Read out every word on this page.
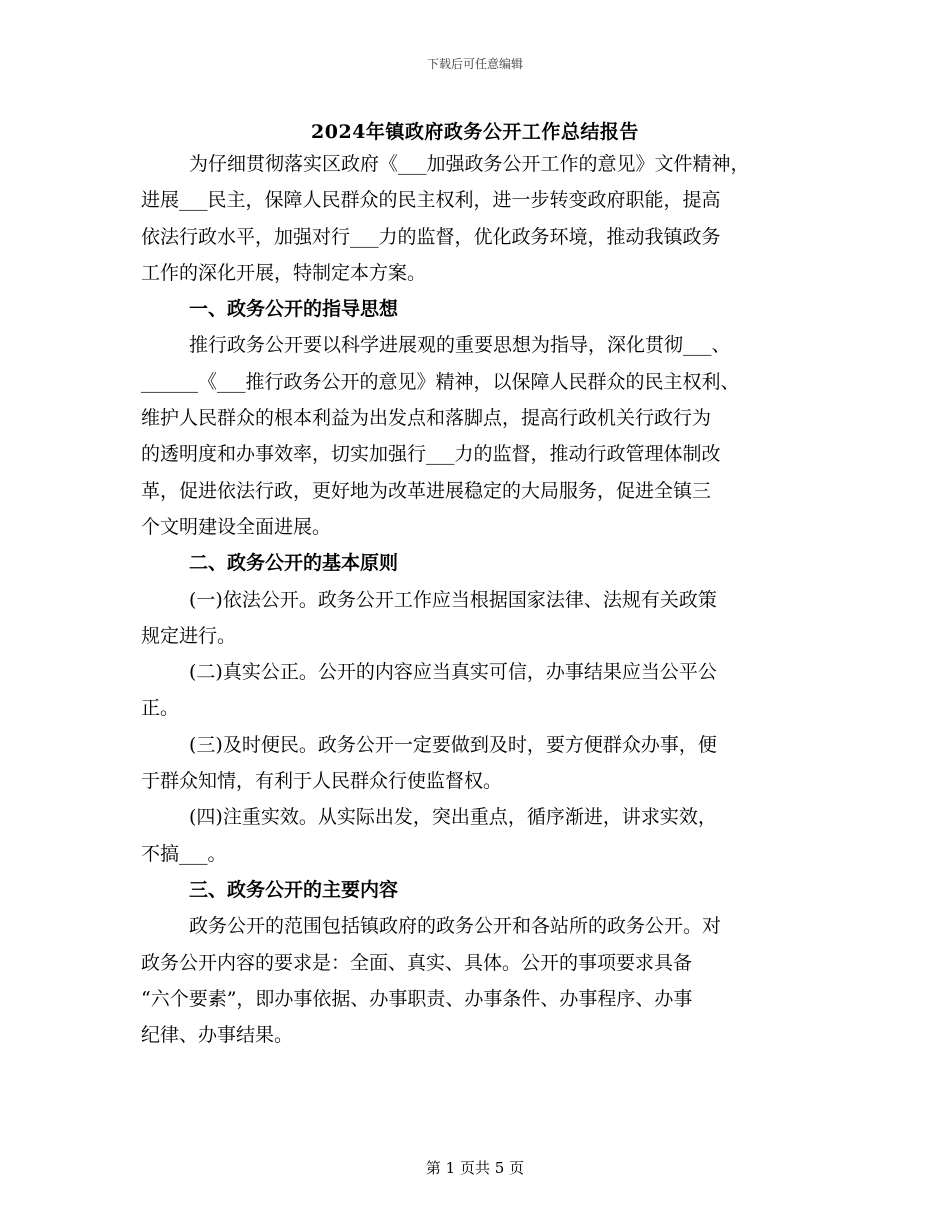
下载后可任意编辑
2024年镇政府政务公开工作总结报告
为仔细贯彻落实区政府《___加强政务公开工作的意见》文件精神，
进展___民主，保障人民群众的民主权利，进一步转变政府职能，提高
依法行政水平，加强对行___力的监督，优化政务环境，推动我镇政务
工作的深化开展，特制定本方案。
一、政务公开的指导思想
推行政务公开要以科学进展观的重要思想为指导，深化贯彻___、
______《___推行政务公开的意见》精神，以保障人民群众的民主权利、
维护人民群众的根本利益为出发点和落脚点，提高行政机关行政行为
的透明度和办事效率，切实加强行___力的监督，推动行政管理体制改
革，促进依法行政，更好地为改革进展稳定的大局服务，促进全镇三
个文明建设全面进展。
二、政务公开的基本原则
(一)依法公开。政务公开工作应当根据国家法律、法规有关政策
规定进行。
(二)真实公正。公开的内容应当真实可信，办事结果应当公平公
正。
(三)及时便民。政务公开一定要做到及时，要方便群众办事，便
于群众知情，有利于人民群众行使监督权。
(四)注重实效。从实际出发，突出重点，循序渐进，讲求实效，
不搞___。
三、政务公开的主要内容
政务公开的范围包括镇政府的政务公开和各站所的政务公开。对
政务公开内容的要求是：全面、真实、具体。公开的事项要求具备
“六个要素”，即办事依据、办事职责、办事条件、办事程序、办事
纪律、办事结果。
第 1 页共 5 页
